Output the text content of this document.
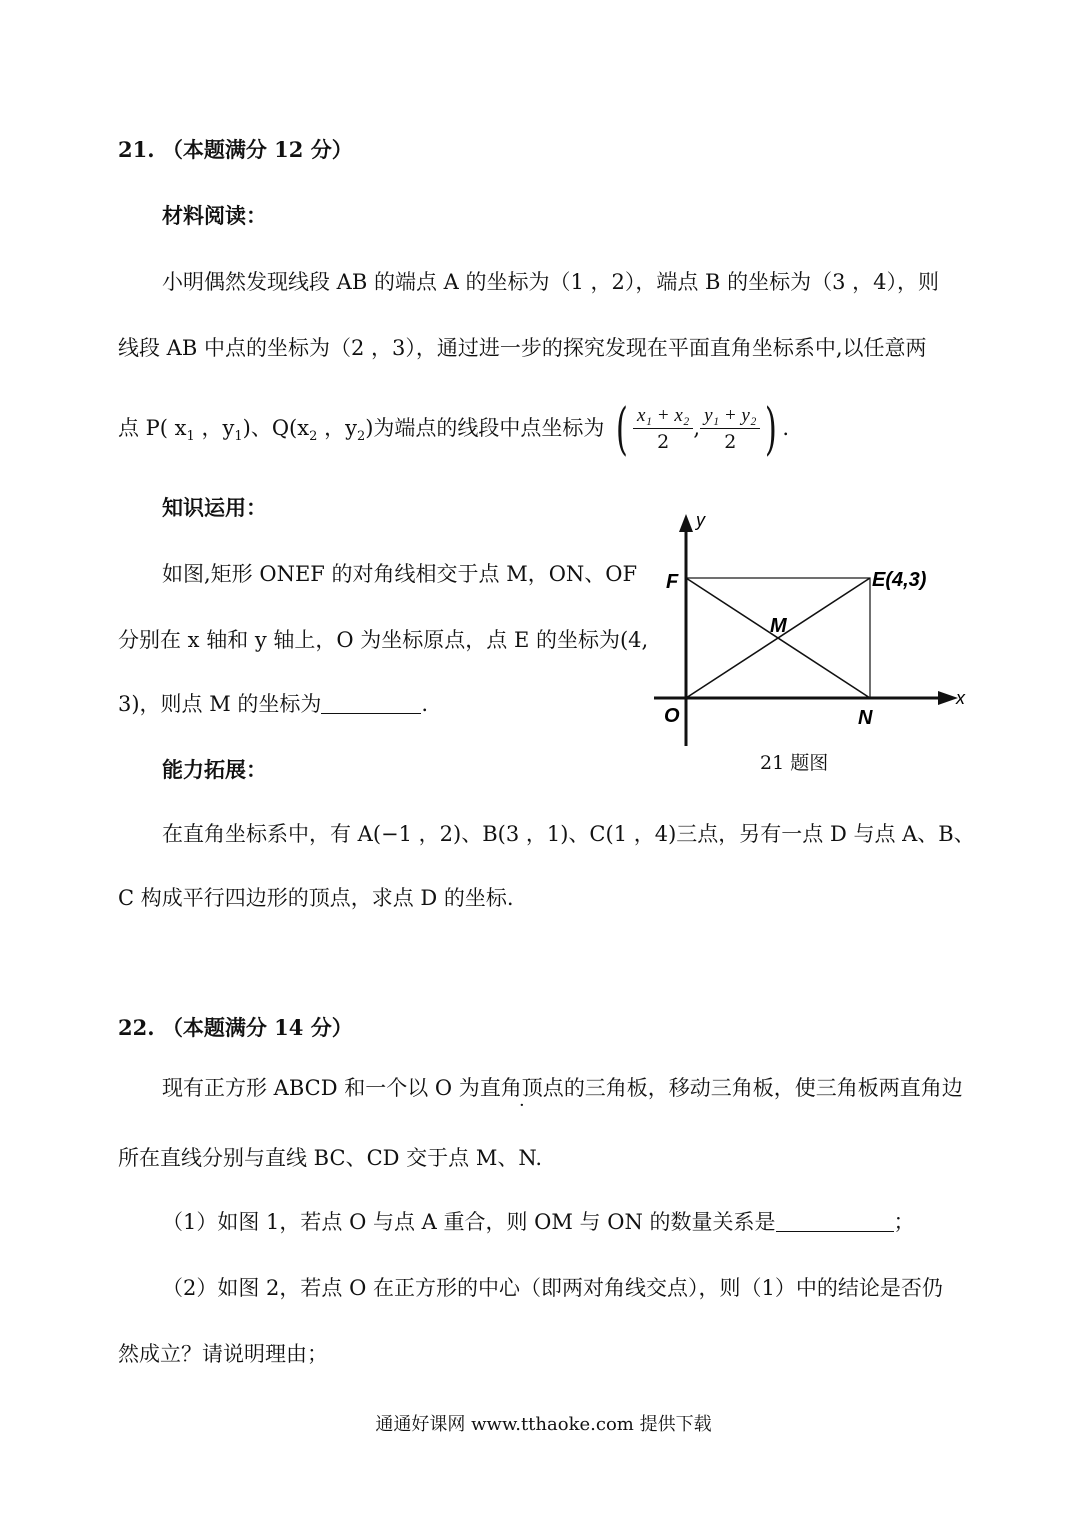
21. （本题满分 12 分）
材料阅读：
小明偶然发现线段 AB 的端点 A 的坐标为（1 ，2），端点 B 的坐标为（3 ，4），则
线段 AB 中点的坐标为（2 ，3），通过进一步的探究发现在平面直角坐标系中,以任意两
点 P( $x_1$ ，$y_1$)、$Q(x_2$ ，$y_2$)为端点的线段中点坐标为 ( $\frac{\text{x₁ + x₂}}{2}$ , $\frac{\text{y₁ + y₂}}{2}$ ) .
知识运用：
如图,矩形 ONEF 的对角线相交于点 M，ON、OF
分别在 x 轴和 y 轴上，O 为坐标原点，点 E 的坐标为(4,
3)，则点 M 的坐标为	.
y
x
F	E(4,3)
M
O	N
21 题图
能力拓展：
在直角坐标系中，有 A(−1 ，2)、B(3 ，1)、C(1 ，4)三点，另有一点 D 与点 A、B、
C 构成平行四边形的顶点，求点 D 的坐标.
22. （本题满分 14 分）
现有正方形 ABCD 和一个以 O 为直角顶点的三角板，移动三角板，使三角板两直角边
所在直线分别与直线 BC、CD 交于点 M、N.
（1）如图 1，若点 O 与点 A 重合，则 OM 与 ON 的数量关系是	；
（2）如图 2，若点 O 在正方形的中心（即两对角线交点），则（1）中的结论是否仍
然成立？请说明理由；
通通好课网 www.tthaoke.com 提供下载
